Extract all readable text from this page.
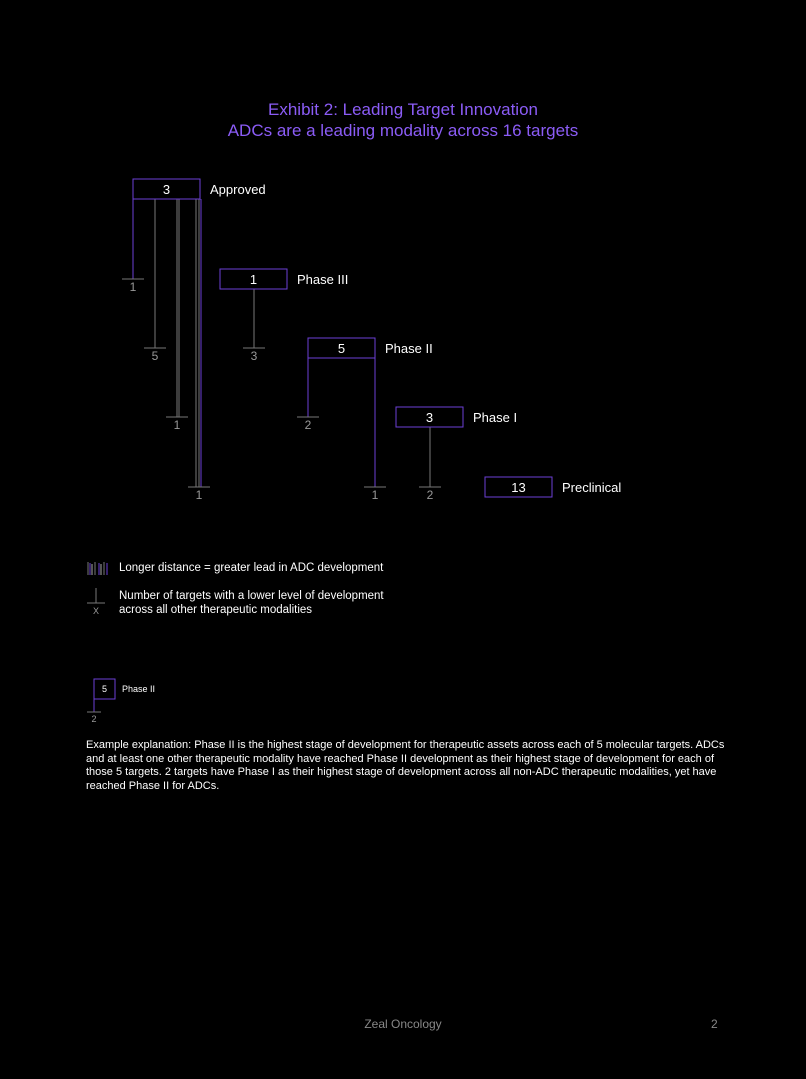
Exhibit 2: Leading Target Innovation
ADCs are a leading modality across 16 targets
1
5
1
1
3
2
1	2
3	Approved
1	Phase III
5	Phase II
3	Phase I
13	Preclinical
X
5 Phase II
2
Longer distance = greater lead in ADC development
Number of targets with a lower level of development
across all other therapeutic modalities
Example explanation: Phase II is the highest stage of development for therapeutic assets across each of 5 molecular targets. ADCs and at least one other therapeutic modality have reached Phase II development as their highest stage of development for each of those 5 targets. 2 targets have Phase I as their highest stage of development across all non-ADC therapeutic modalities, yet have reached Phase II for ADCs.
Zeal Oncology	2
